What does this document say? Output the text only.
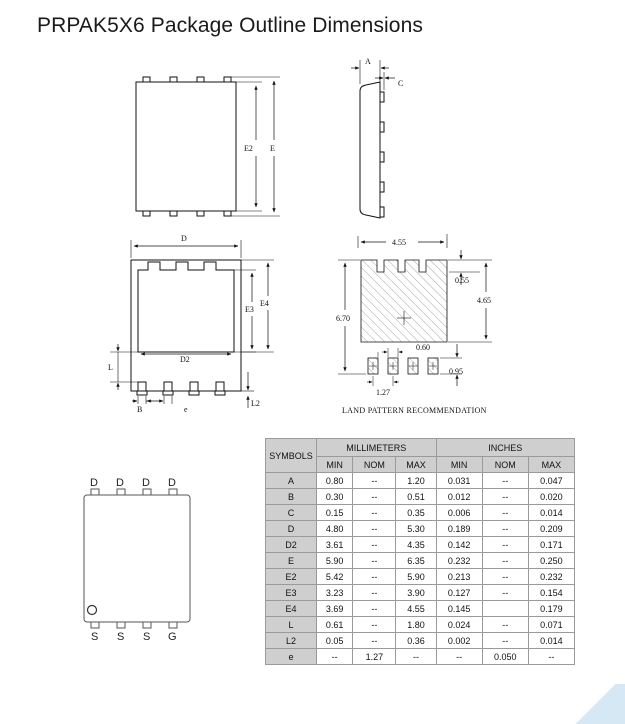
PRPAK5X6 Package Outline Dimensions
E2 E
A
C
D
D2
E3
E4
L
L2
B	e
4.55
6.70
0.55
4.65
0.60
0.95
1.27
LAND PATTERN RECOMMENDATION
D D D D
S S S G
SYMBOLS	MILLIMETERS			INCHES		
	MIN	NOM	MAX	MIN	NOM	MAX
A	0.80	--	1.20	0.031	--	0.047
B	0.30	--	0.51	0.012	--	0.020
C	0.15	--	0.35	0.006	--	0.014
D	4.80	--	5.30	0.189	--	0.209
D2	3.61	--	4.35	0.142	--	0.171
E	5.90	--	6.35	0.232	--	0.250
E2	5.42	--	5.90	0.213	--	0.232
E3	3.23	--	3.90	0.127	--	0.154
E4	3.69	--	4.55	0.145		0.179
L	0.61	--	1.80	0.024	--	0.071
L2	0.05	--	0.36	0.002	--	0.014
e	--	1.27	--	--	0.050	--
